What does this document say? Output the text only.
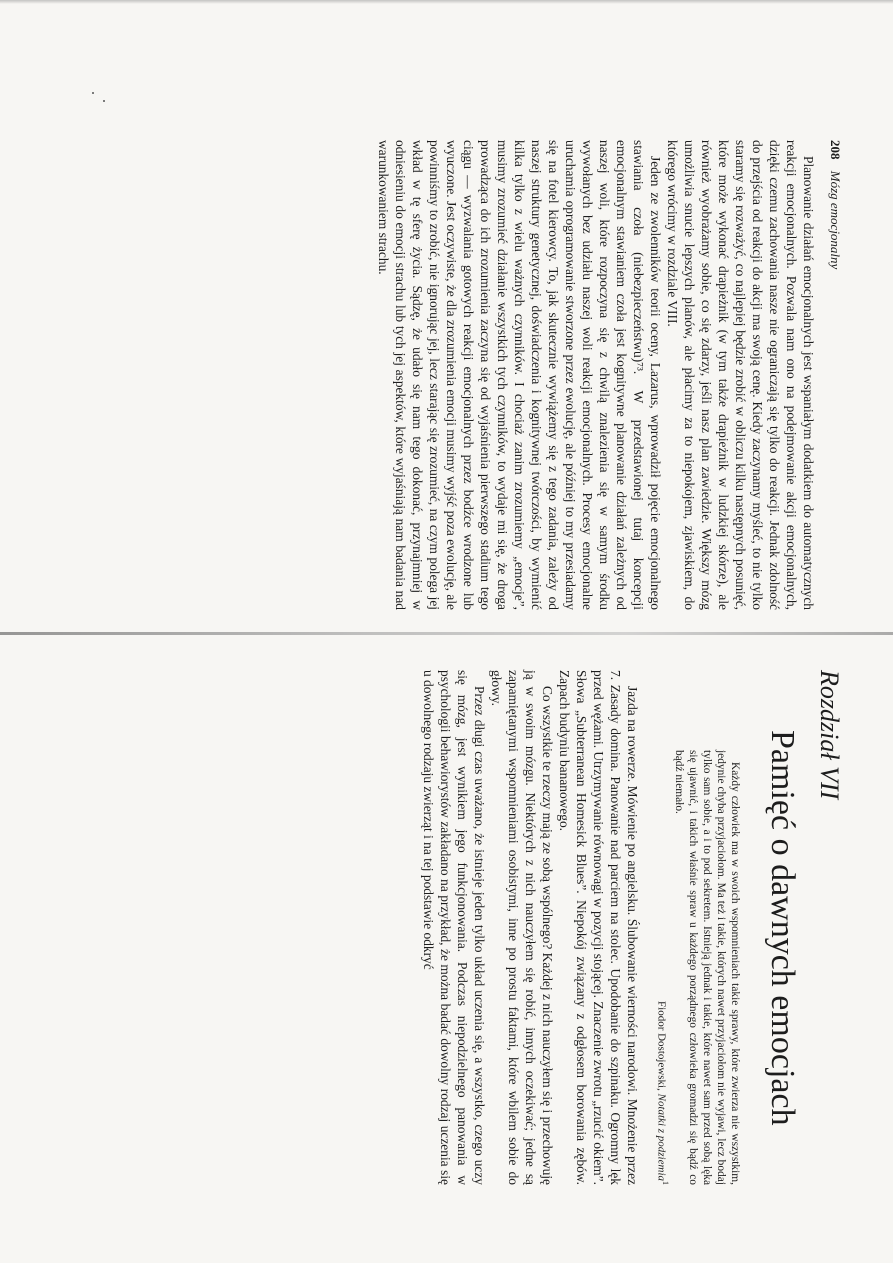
208 Mózg emocjonalny

Planowanie działań emocjonalnych jest wspaniałym dodatkiem do automatycznych reakcji emocjonalnych. Pozwala nam ono na podejmowanie akcji emocjonalnych, dzięki czemu zachowania nasze nie ograniczają się tylko do reakcji. Jednak zdolność do przejścia od reakcji do akcji ma swoją cenę. Kiedy zaczynamy myśleć, to nie tylko staramy się rozważyć, co najlepiej będzie zrobić w obliczu kilku następnych posunięć, które może wykonać drapieżnik (w tym także drapieżnik w ludzkiej skórze), ale również wyobrażamy sobie, co się zdarzy, jeśli nasz plan zawiedzie. Większy mózg umożliwia snucie lepszych planów, ale płacimy za to niepokojem, zjawiskiem, do którego wrócimy w rozdziale VIII.

Jeden ze zwolenników teorii oceny, Lazarus, wprowadził pojęcie emocjonalnego stawiania czoła (niebezpieczeństwu)⁷³. W przedstawionej tutaj koncepcji emocjonalnym stawianiem czoła jest kognitywne planowanie działań zależnych od naszej woli, które rozpoczyna się z chwilą znalezienia się w samym środku wywołanych bez udziału naszej woli reakcji emocjonalnych. Procesy emocjonalne uruchamia oprogramowanie stworzone przez ewolucję, ale później to my przesiadamy się na fotel kierowcy. To, jak skutecznie wywiążemy się z tego zadania, zależy od naszej struktury genetycznej, doświadczenia i kognitywnej twórczości, by wymienić kilka tylko z wielu ważnych czynników. I chociaż zanim zrozumiemy „emocje”, musimy zrozumieć działanie wszystkich tych czynników, to wydaje mi się, że droga prowadząca do ich zrozumienia zaczyna się od wyjaśnienia pierwszego stadium tego ciągu — wyzwalania gotowych reakcji emocjonalnych przez bodźce wrodzone lub wyuczone. Jest oczywiste, że dla zrozumienia emocji musimy wyjść poza ewolucję, ale powinniśmy to zrobić, nie ignorując jej, lecz starając się zrozumieć, na czym polega jej wkład w tę sferę życia. Sądzę, że udało się nam tego dokonać, przynajmniej w odniesieniu do emocji strachu lub tych jej aspektów, które wyjaśniają nam badania nad warunkowaniem strachu.

Rozdział VII
Pamięć o dawnych emocjach

Każdy człowiek ma w swoich wspomnieniach takie sprawy, które zwierza nie wszystkim, jedynie chyba przyjaciołom. Ma też i takie, których nawet przyjaciołom nie wyjawi, lecz bodaj tylko sam sobie, a i to pod sekretem. Istnieją jednak i takie, które nawet sam przed sobą lęka się ujawnić, i takich właśnie spraw u każdego porządnego człowieka gromadzi się bądź co bądź niemało.

Fiodor Dostojewski, Notatki z podziemia$^1$

Jazda na rowerze. Mówienie po angielsku. Ślubowanie wierności narodowi. Mnożenie przez 7. Zasady domina. Panowanie nad parciem na stolec. Upodobanie do szpinaku. Ogromny lęk przed wężami. Utrzymywanie równowagi w pozycji stojącej. Znaczenie zwrotu „rzucić okiem”. Słowa „Subterranean Homesick Blues”. Niepokój związany z odgłosem borowania zębów. Zapach budyniu bananowego.

Co wszystkie te rzeczy mają ze sobą wspólnego? Każdej z nich nauczyłem się i przechowuję ją w swoim mózgu. Niektórych z nich nauczyłem się robić, innych oczekiwać; jedne są zapamiętanymi wspomnieniami osobistymi, inne po prostu faktami, które wbilem sobie do głowy.

Przez długi czas uważano, że istnieje jeden tylko układ uczenia się, a wszystko, czego uczy się mózg, jest wynikiem jego funkcjonowania. Podczas niepodzielnego panowania w psychologii behawiorystów zakładano na przykład, że można badać dowolny rodzaj uczenia się u dowolnego rodzaju zwierząt i na tej podstawie odkryć
